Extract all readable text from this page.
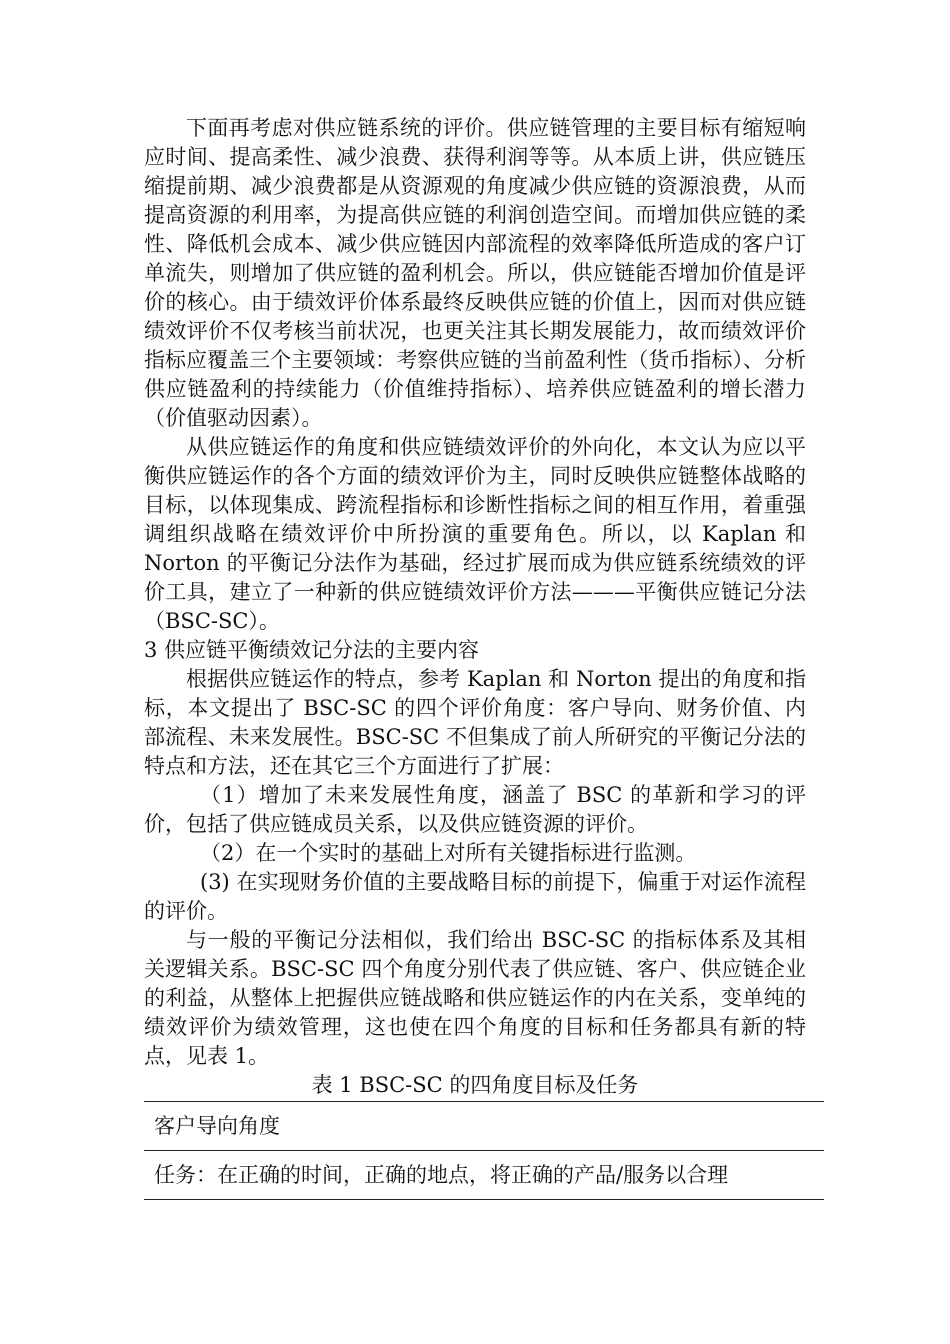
下面再考虑对供应链系统的评价。供应链管理的主要目标有缩短响应时间、提高柔性、减少浪费、获得利润等等。从本质上讲，供应链压缩提前期、减少浪费都是从资源观的角度减少供应链的资源浪费，从而提高资源的利用率，为提高供应链的利润创造空间。而增加供应链的柔性、降低机会成本、减少供应链因内部流程的效率降低所造成的客户订单流失，则增加了供应链的盈利机会。所以，供应链能否增加价值是评价的核心。由于绩效评价体系最终反映供应链的价值上，因而对供应链绩效评价不仅考核当前状况，也更关注其长期发展能力，故而绩效评价指标应覆盖三个主要领域：考察供应链的当前盈利性（货币指标）、分析供应链盈利的持续能力（价值维持指标）、培养供应链盈利的增长潜力（价值驱动因素）。

从供应链运作的角度和供应链绩效评价的外向化，本文认为应以平衡供应链运作的各个方面的绩效评价为主，同时反映供应链整体战略的目标，以体现集成、跨流程指标和诊断性指标之间的相互作用，着重强调组织战略在绩效评价中所扮演的重要角色。所以，以 Kaplan 和 Norton 的平衡记分法作为基础，经过扩展而成为供应链系统绩效的评价工具，建立了一种新的供应链绩效评价方法———平衡供应链记分法（BSC-SC）。

3 供应链平衡绩效记分法的主要内容

根据供应链运作的特点，参考 Kaplan 和 Norton 提出的角度和指标，本文提出了 BSC-SC 的四个评价角度：客户导向、财务价值、内部流程、未来发展性。BSC-SC 不但集成了前人所研究的平衡记分法的特点和方法，还在其它三个方面进行了扩展：

（1）增加了未来发展性角度，涵盖了 BSC 的革新和学习的评价，包括了供应链成员关系，以及供应链资源的评价。

（2）在一个实时的基础上对所有关键指标进行监测。

(3) 在实现财务价值的主要战略目标的前提下，偏重于对运作流程的评价。

与一般的平衡记分法相似，我们给出 BSC-SC 的指标体系及其相关逻辑关系。BSC-SC 四个角度分别代表了供应链、客户、供应链企业的利益，从整体上把握供应链战略和供应链运作的内在关系，变单纯的绩效评价为绩效管理，这也使在四个角度的目标和任务都具有新的特点，见表 1。

表 1 BSC-SC 的四角度目标及任务

客户导向角度
任务：在正确的时间，正确的地点，将正确的产品/服务以合理
